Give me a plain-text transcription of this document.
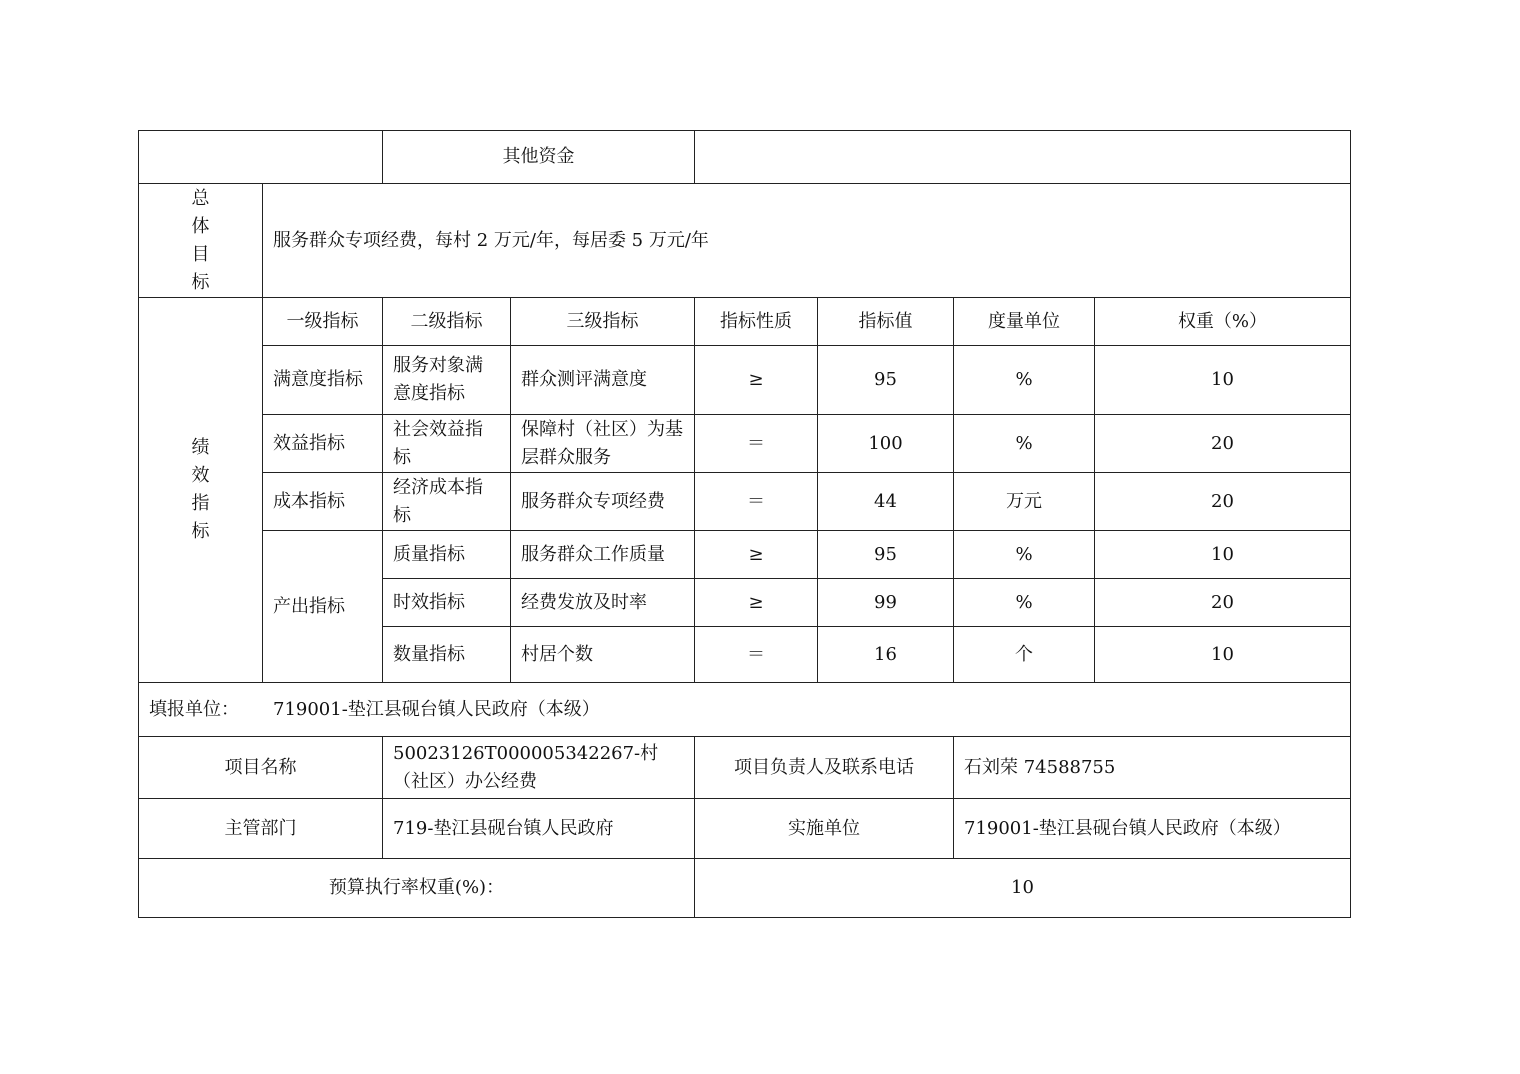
		其他资金					
总体目标	服务群众专项经费，每村 2 万元/年，每居委 5 万元/年						
绩效指标	一级指标	二级指标	三级指标	指标性质	指标值	度量单位	权重（%）
	满意度指标	服务对象满意度指标	群众测评满意度	≥	95	%	10
	效益指标	社会效益指标	保障村（社区）为基层群众服务	＝	100	%	20
	成本指标	经济成本指标	服务群众专项经费	＝	44	万元	20
	产出指标	质量指标	服务群众工作质量	≥	95	%	10
		时效指标	经费发放及时率	≥	99	%	20
		数量指标	村居个数	＝	16	个	10
填报单位： 719001-垫江县砚台镇人民政府（本级）							
项目名称		50023126T000005342267-村（社区）办公经费		项目负责人及联系电话		石刘荣 74588755	
主管部门		719-垫江县砚台镇人民政府		实施单位		719001-垫江县砚台镇人民政府（本级）	
预算执行率权重(%)：				10			
